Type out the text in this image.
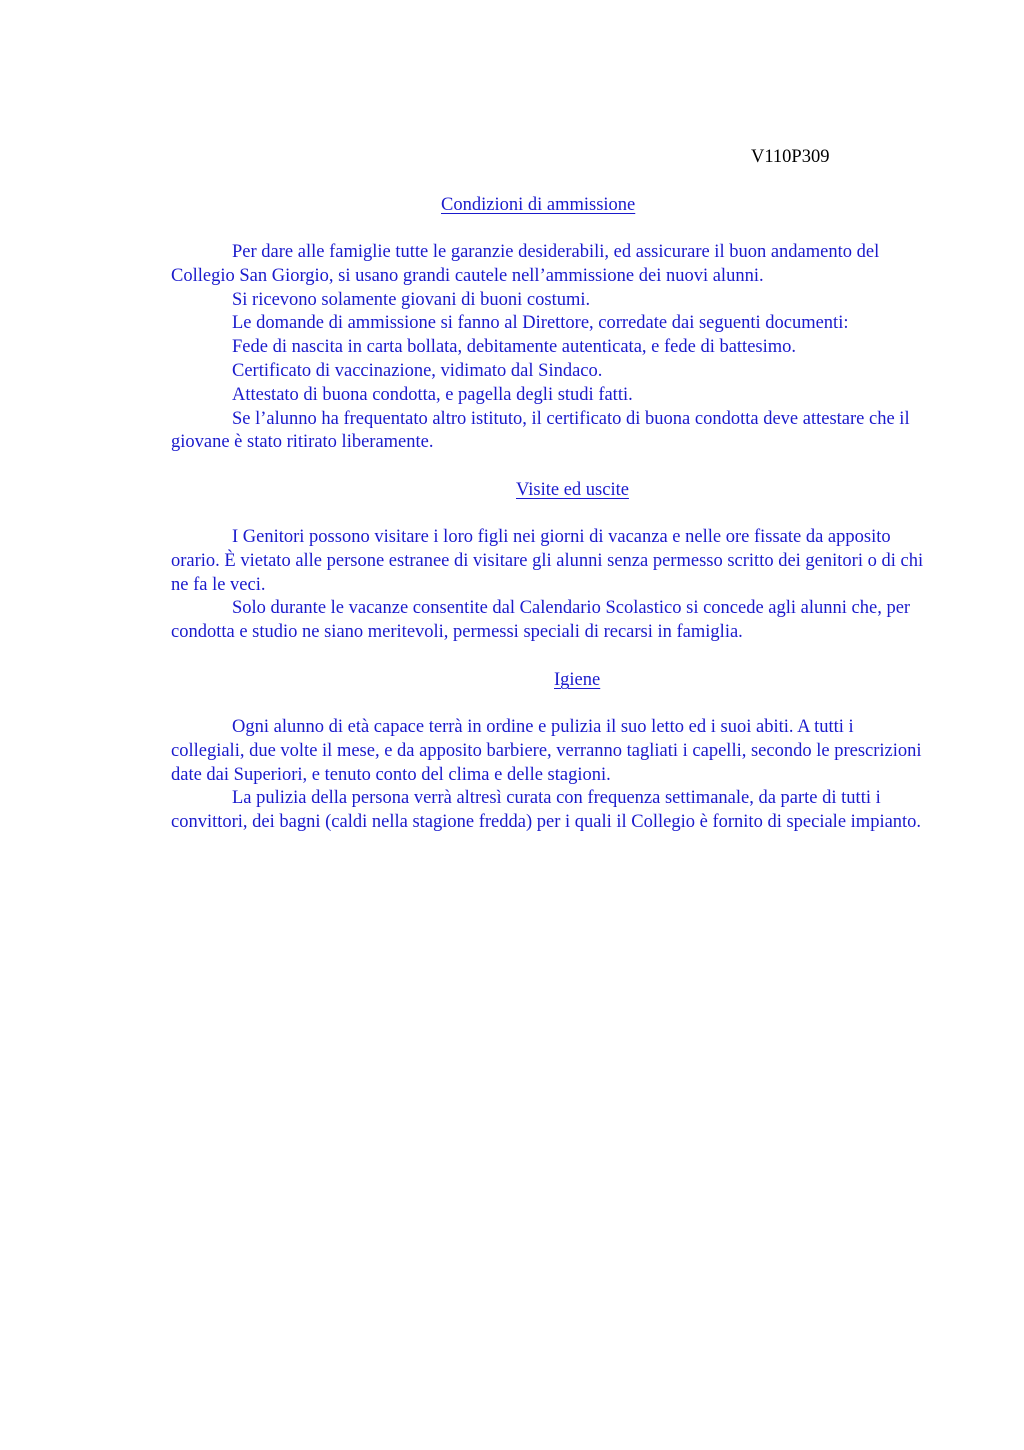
V110P309
Condizioni di ammissione

Per dare alle famiglie tutte le garanzie desiderabili, ed assicurare il buon andamento del Collegio San Giorgio, si usano grandi cautele nell’ammissione dei nuovi alunni.

Si ricevono solamente giovani di buoni costumi.

Le domande di ammissione si fanno al Direttore, corredate dai seguenti documenti:

Fede di nascita in carta bollata, debitamente autenticata, e fede di battesimo.

Certificato di vaccinazione, vidimato dal Sindaco.

Attestato di buona condotta, e pagella degli studi fatti.

Se l’alunno ha frequentato altro istituto, il certificato di buona condotta deve attestare che il giovane è stato ritirato liberamente.

Visite ed uscite

I Genitori possono visitare i loro figli nei giorni di vacanza e nelle ore fissate da apposito orario. È vietato alle persone estranee di visitare gli alunni senza permesso scritto dei genitori o di chi ne fa le veci.

Solo durante le vacanze consentite dal Calendario Scolastico si concede agli alunni che, per condotta e studio ne siano meritevoli, permessi speciali di recarsi in famiglia.

Igiene

Ogni alunno di età capace terrà in ordine e pulizia il suo letto ed i suoi abiti. A tutti i collegiali, due volte il mese, e da apposito barbiere, verranno tagliati i capelli, secondo le prescrizioni date dai Superiori, e tenuto conto del clima e delle stagioni.

La pulizia della persona verrà altresì curata con frequenza settimanale, da parte di tutti i convittori, dei bagni (caldi nella stagione fredda) per i quali il Collegio è fornito di speciale impianto.
